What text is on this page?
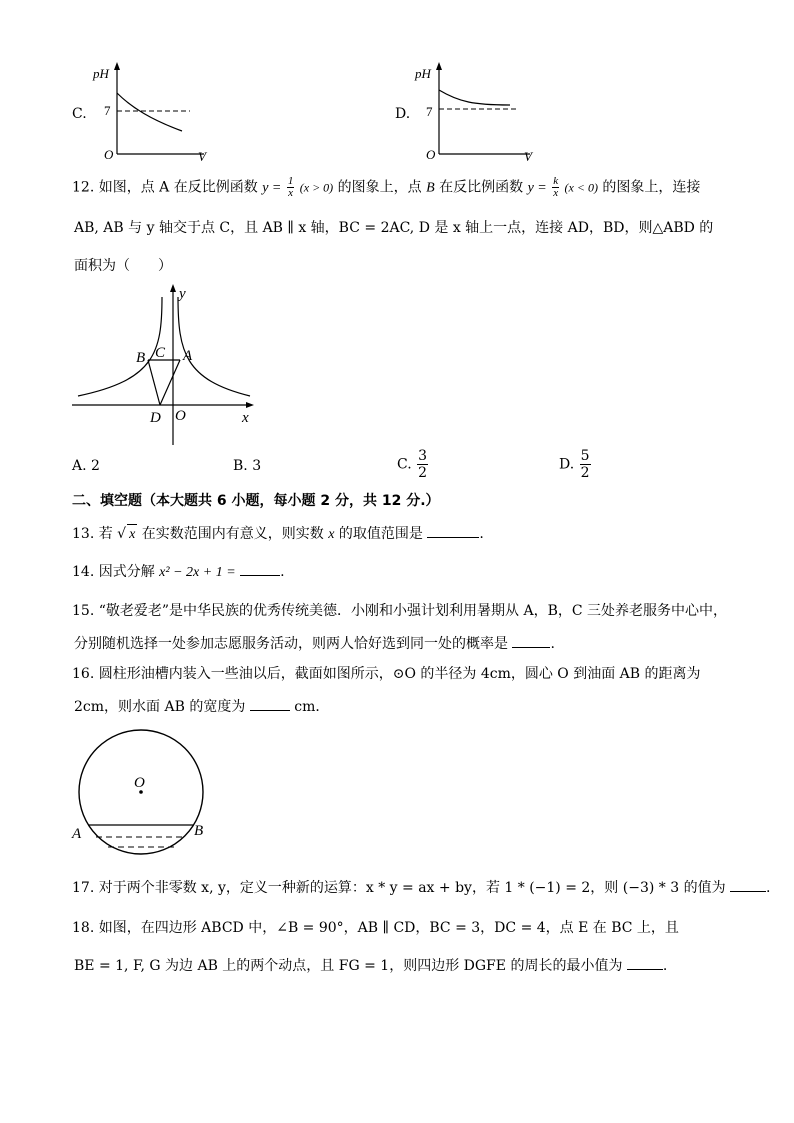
C.
pH
7
O	V
D.
pH
7
O	V
12. 如图，点 A 在反比例函数 $y = \frac{1}{x} (x > 0)$ 的图象上，点 B 在反比例函数 $y = \frac{k}{x} (x < 0)$ 的图象上，连接
AB, AB 与 y 轴交于点 C，且 AB ∥ x 轴，BC = 2AC, D 是 x 轴上一点，连接 AD，BD，则△ABD 的
面积为（　　）
y
x
B C A
D O
A. 2	B. 3	C. $\frac{3}{2}$	D. $\frac{5}{2}$
二、填空题（本大题共 6 小题，每小题 2 分，共 12 分.）
13. 若 √ x 在实数范围内有意义，则实数 x 的取值范围是	.
14. 因式分解 x² − 2x + 1 =	.
15. “敬老爱老”是中华民族的优秀传统美德．小刚和小强计划利用暑期从 A，B，C 三处养老服务中心中，
分别随机选择一处参加志愿服务活动，则两人恰好选到同一处的概率是	.
16. 圆柱形油槽内装入一些油以后，截面如图所示，⊙O 的半径为 4cm，圆心 O 到油面 AB 的距离为
2cm，则水面 AB 的宽度为	cm．
O
A	B
17. 对于两个非零数 x, y，定义一种新的运算：x * y = ax + by，若 1 * (−1) = 2，则 (−3) * 3 的值为	.
18. 如图，在四边形 ABCD 中，∠B = 90°，AB ∥ CD，BC = 3，DC = 4，点 E 在 BC 上，且
BE = 1, F, G 为边 AB 上的两个动点，且 FG = 1，则四边形 DGFE 的周长的最小值为	.
